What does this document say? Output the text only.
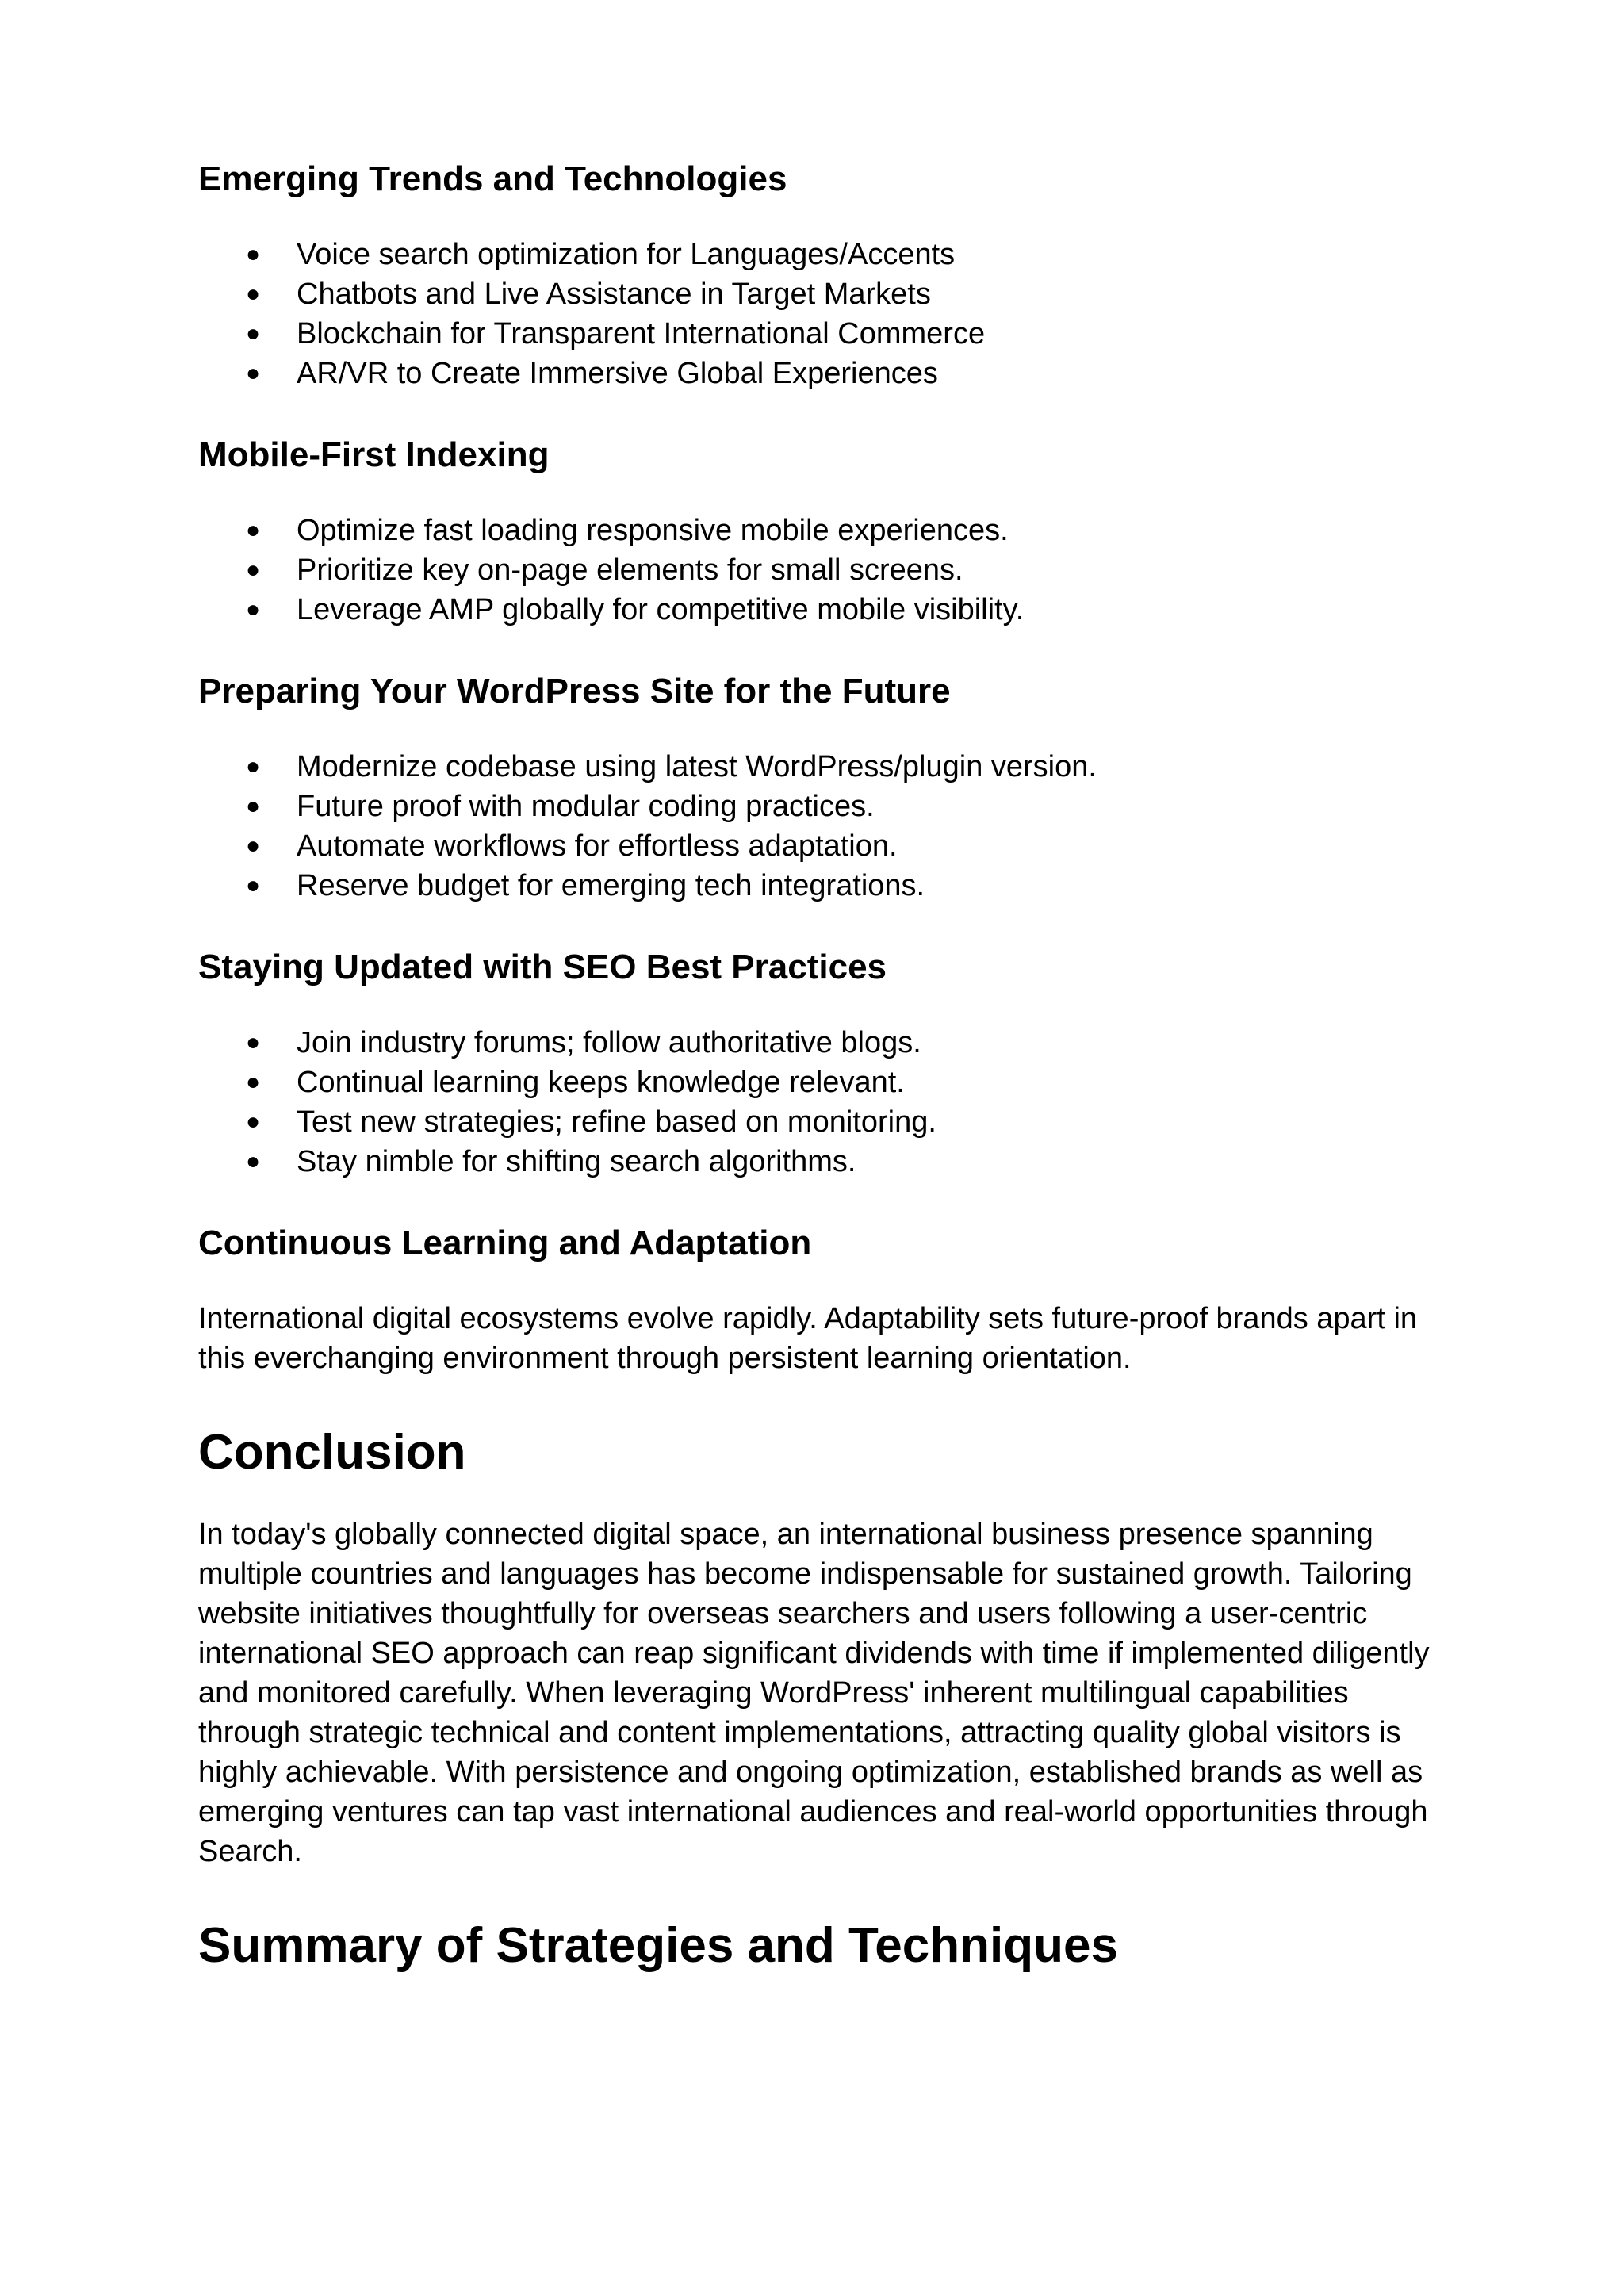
Emerging Trends and Technologies
● Voice search optimization for Languages/Accents
● Chatbots and Live Assistance in Target Markets
● Blockchain for Transparent International Commerce
● AR/VR to Create Immersive Global Experiences
Mobile-First Indexing
● Optimize fast loading responsive mobile experiences.
● Prioritize key on-page elements for small screens.
● Leverage AMP globally for competitive mobile visibility.
Preparing Your WordPress Site for the Future
● Modernize codebase using latest WordPress/plugin version.
● Future proof with modular coding practices.
● Automate workflows for effortless adaptation.
● Reserve budget for emerging tech integrations.
Staying Updated with SEO Best Practices
● Join industry forums; follow authoritative blogs.
● Continual learning keeps knowledge relevant.
● Test new strategies; refine based on monitoring.
● Stay nimble for shifting search algorithms.
Continuous Learning and Adaptation

International digital ecosystems evolve rapidly. Adaptability sets future-proof brands apart in
this everchanging environment through persistent learning orientation.

Conclusion

In today's globally connected digital space, an international business presence spanning
multiple countries and languages has become indispensable for sustained growth. Tailoring
website initiatives thoughtfully for overseas searchers and users following a user-centric
international SEO approach can reap significant dividends with time if implemented diligently
and monitored carefully. When leveraging WordPress' inherent multilingual capabilities
through strategic technical and content implementations, attracting quality global visitors is
highly achievable. With persistence and ongoing optimization, established brands as well as
emerging ventures can tap vast international audiences and real-world opportunities through
Search.

Summary of Strategies and Techniques
